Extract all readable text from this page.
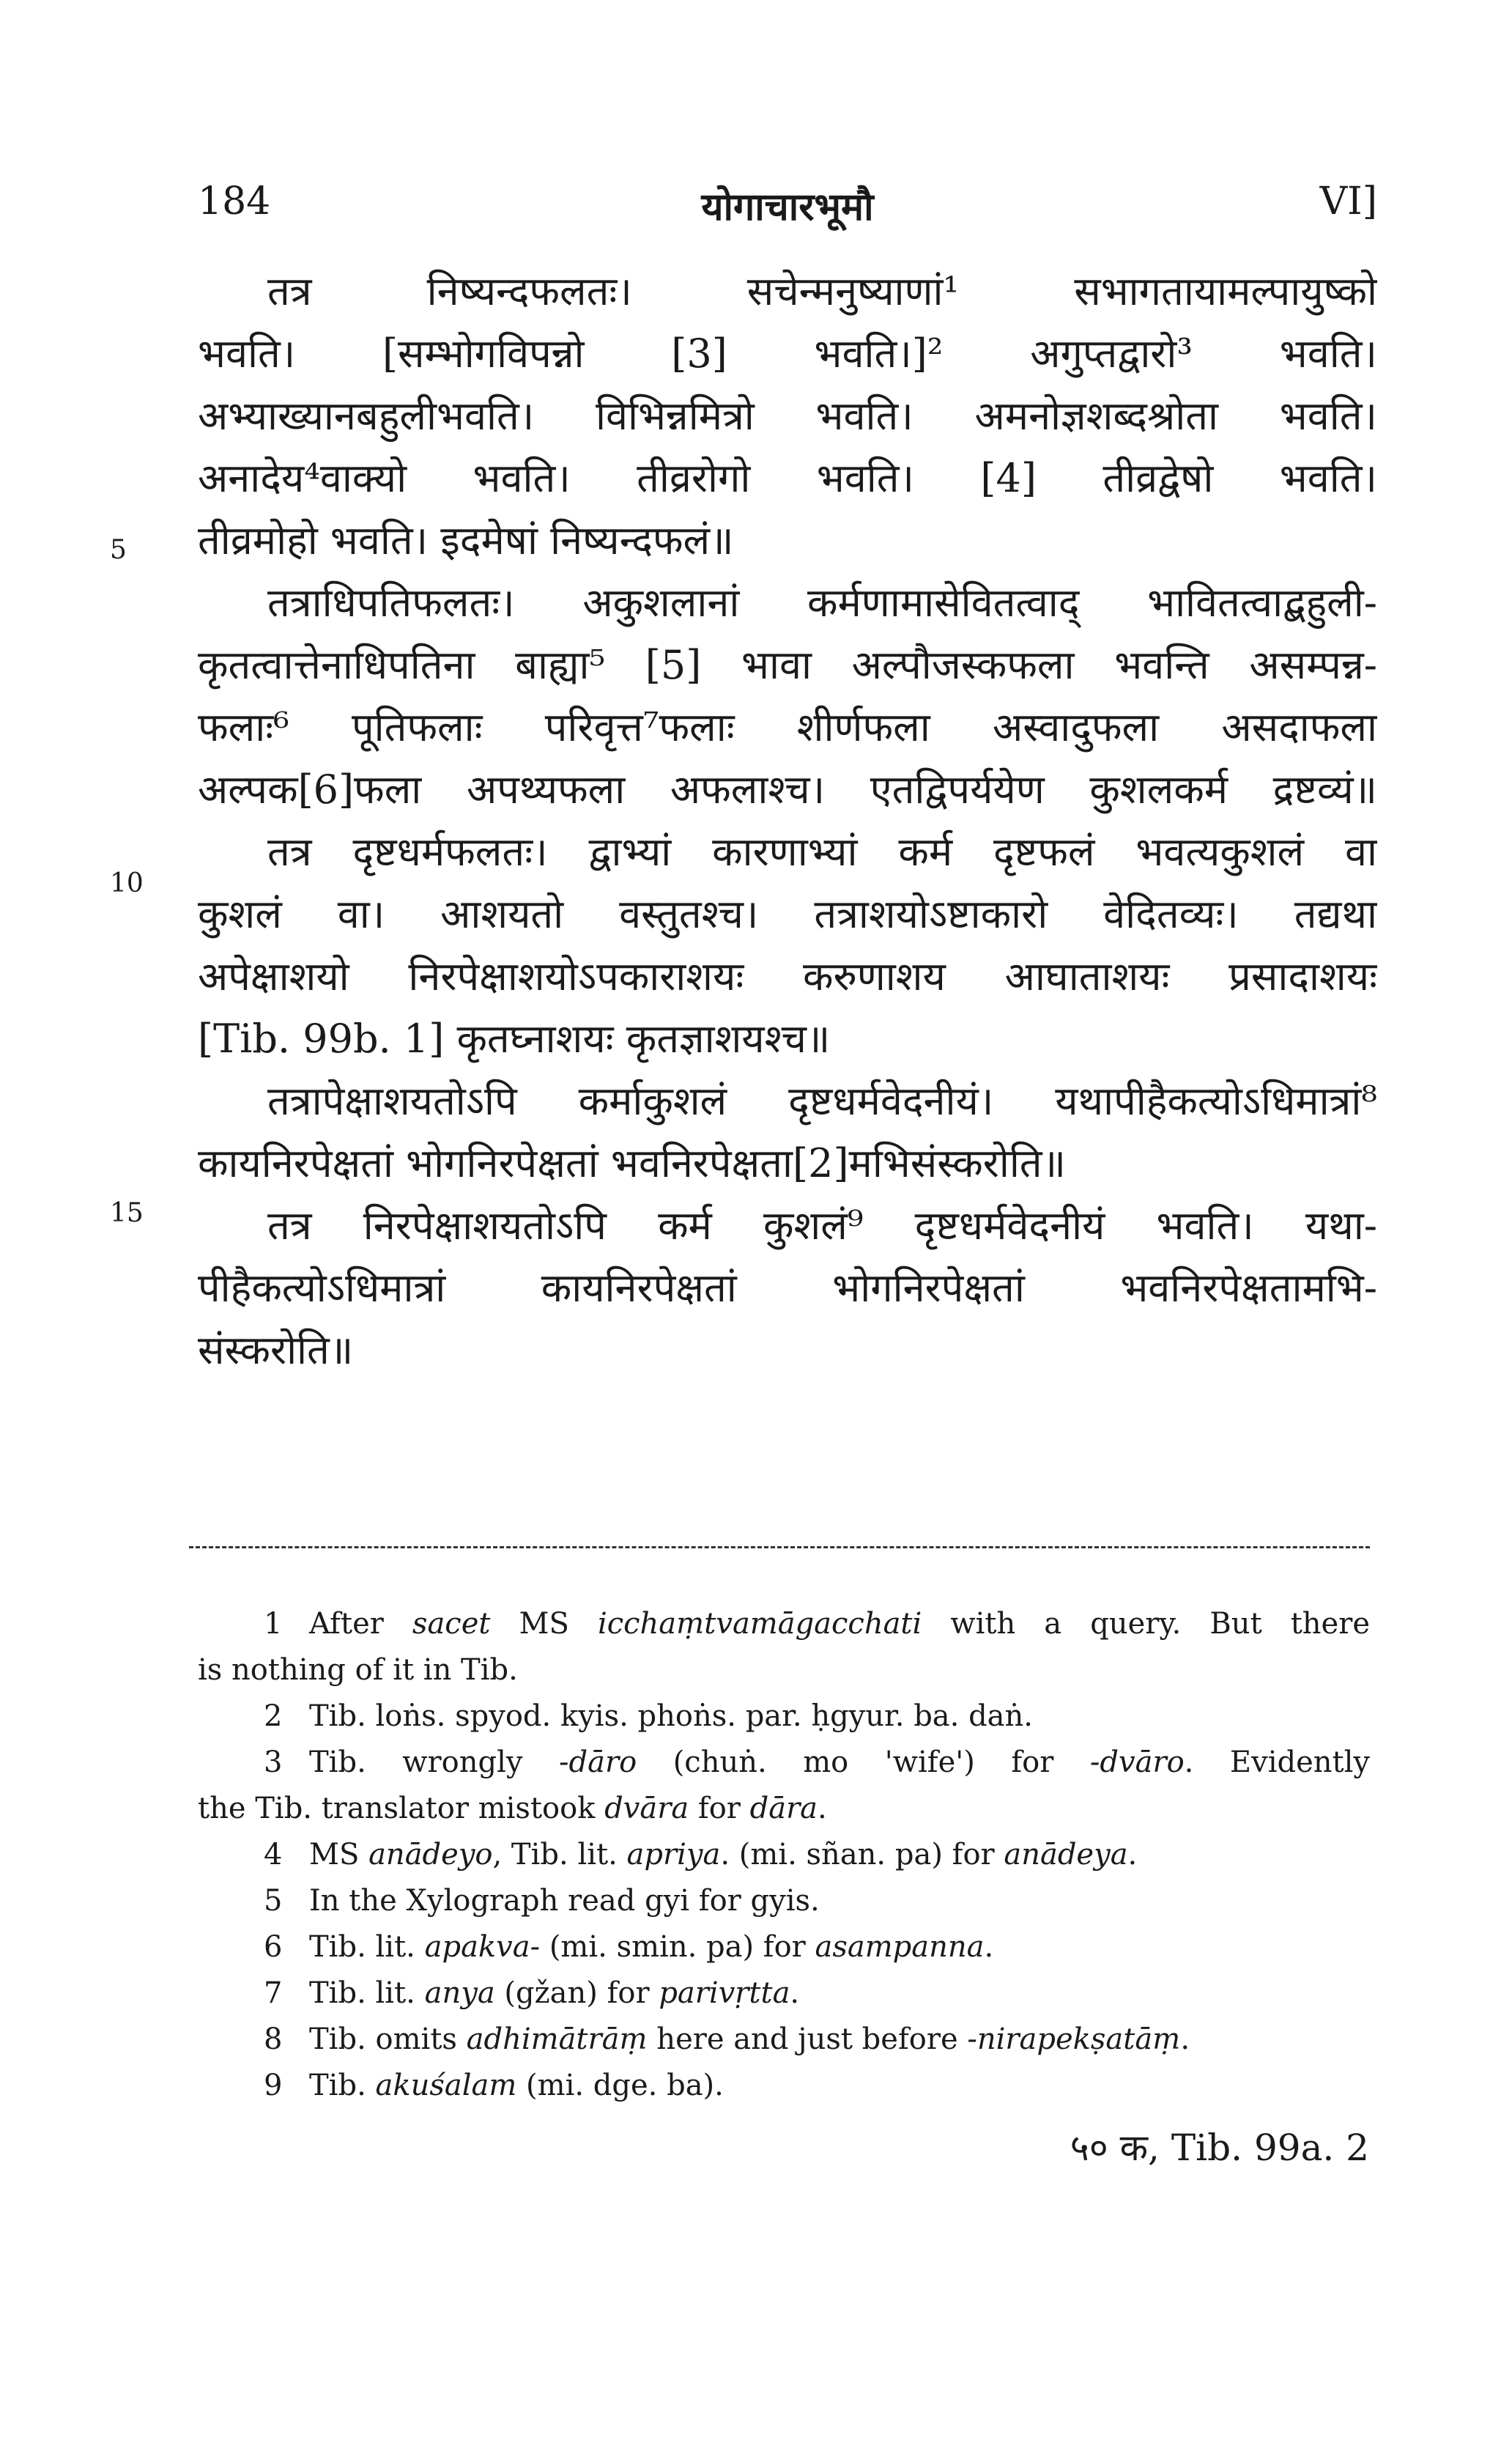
184	योगाचारभूमौ	VI]
तत्र निष्यन्दफलतः। सचेन्मनुष्याणां¹ सभागतायामल्पायुष्को
भवति। [सम्भोगविपन्नो [3] भवति।]² अगुप्तद्वारो³ भवति।
अभ्याख्यानबहुलीभवति। विभिन्नमित्रो भवति। अमनोज्ञशब्दश्रोता भवति।
अनादेय⁴वाक्यो भवति। तीव्ररोगो भवति। [4] तीव्रद्वेषो भवति।
तीव्रमोहो भवति। इदमेषां निष्यन्दफलं॥
तत्राधिपतिफलतः। अकुशलानां कर्मणामासेवितत्वाद् भावितत्वाद्बहुली-
कृतत्वात्तेनाधिपतिना बाह्या⁵ [5] भावा अल्पौजस्कफला भवन्ति असम्पन्न-
फलाः⁶ पूतिफलाः परिवृत्त⁷फलाः शीर्णफला अस्वादुफला असदाफला
अल्पक[6]फला अपथ्यफला अफलाश्च। एतद्विपर्ययेण कुशलकर्म द्रष्टव्यं॥
तत्र दृष्टधर्मफलतः। द्वाभ्यां कारणाभ्यां कर्म दृष्टफलं भवत्यकुशलं वा
कुशलं वा। आशयतो वस्तुतश्च। तत्राशयोऽष्टाकारो वेदितव्यः। तद्यथा
अपेक्षाशयो निरपेक्षाशयोऽपकाराशयः करुणाशय आघाताशयः प्रसादाशयः
[Tib. 99b. 1] कृतघ्नाशयः कृतज्ञाशयश्च॥
तत्रापेक्षाशयतोऽपि कर्माकुशलं दृष्टधर्मवेदनीयं। यथापीहैकत्योऽधिमात्रां⁸
कायनिरपेक्षतां भोगनिरपेक्षतां भवनिरपेक्षता[2]मभिसंस्करोति॥
तत्र निरपेक्षाशयतोऽपि कर्म कुशलं⁹ दृष्टधर्मवेदनीयं भवति। यथा-
पीहैकत्योऽधिमात्रां कायनिरपेक्षतां भोगनिरपेक्षतां भवनिरपेक्षतामभि-
संस्करोति॥
5
10
15
1 After sacet MS icchaṃtvamāgacchati with a query. But there
is nothing of it in Tib.
2 Tib. loṅs. spyod. kyis. phoṅs. par. ḥgyur. ba. daṅ.
3 Tib. wrongly -dāro (chuṅ. mo 'wife') for -dvāro. Evidently
the Tib. translator mistook dvāra for dāra.
4 MS anādeyo, Tib. lit. apriya. (mi. sñan. pa) for anādeya.
5 In the Xylograph read gyi for gyis.
6 Tib. lit. apakva- (mi. smin. pa) for asampanna.
7 Tib. lit. anya (gžan) for parivṛtta.
8 Tib. omits adhimātrāṃ here and just before -nirapekṣatāṃ.
9 Tib. akuśalam (mi. dge. ba).
५० क, Tib. 99a. 2
